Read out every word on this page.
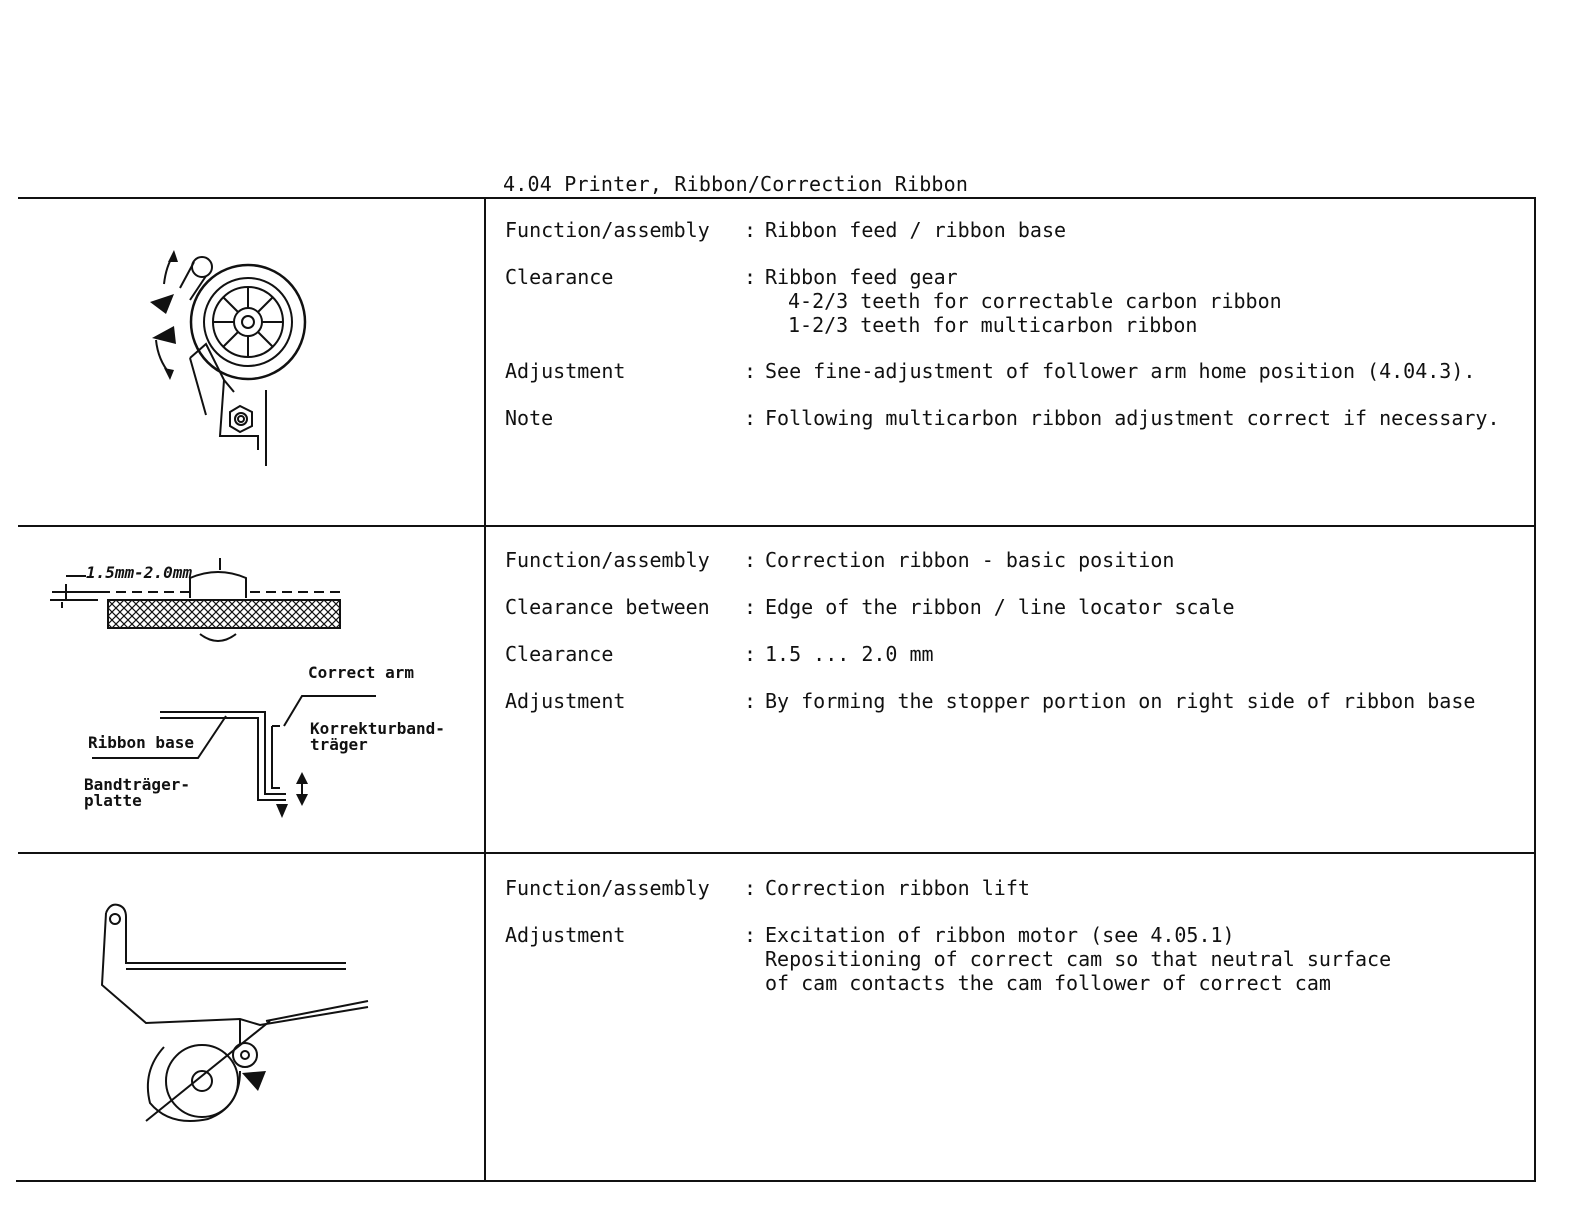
4.04 Printer, Ribbon/Correction Ribbon
Function/assembly : Ribbon feed / ribbon base
Clearance	: Ribbon feed gear
4-2/3 teeth for correctable carbon ribbon
1-2/3 teeth for multicarbon ribbon
Adjustment	: See fine-adjustment of follower arm home position (4.04.3).
Note	: Following multicarbon ribbon adjustment correct if necessary.
Function/assembly : Correction ribbon - basic position
Clearance between : Edge of the ribbon / line locator scale
Clearance	: 1.5 ... 2.0 mm
Adjustment	: By forming the stopper portion on right side of ribbon base
Function/assembly : Correction ribbon lift
Adjustment	: Excitation of ribbon motor (see 4.05.1)
Repositioning of correct cam so that neutral surface
of cam contacts the cam follower of correct cam
1.5mm-2.0mm
Correct arm
Korrekturband-
träger
Ribbon base
Bandträger-
platte
